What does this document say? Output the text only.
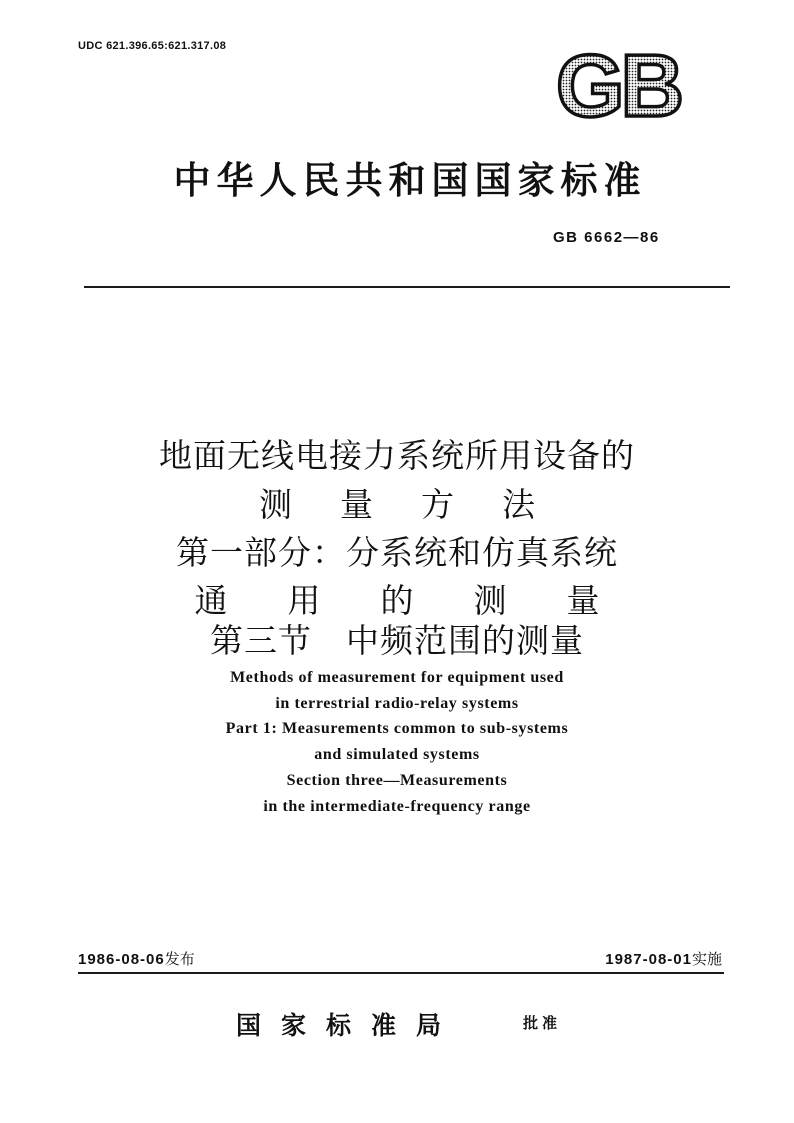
UDC 621.396.65:621.317.08	GB
中华人民共和国国家标准
GB 6662—86
地面无线电接力系统所用设备的
测量方法
第一部分：分系统和仿真系统
通用的测量
第三节　中频范围的测量
Methods of measurement for equipment used
in terrestrial radio-relay systems
Part 1: Measurements common to sub-systems
and simulated systems
Section three—Measurements
in the intermediate-frequency range
1986-08-06发布	1987-08-01实施
国家标准局	批准
